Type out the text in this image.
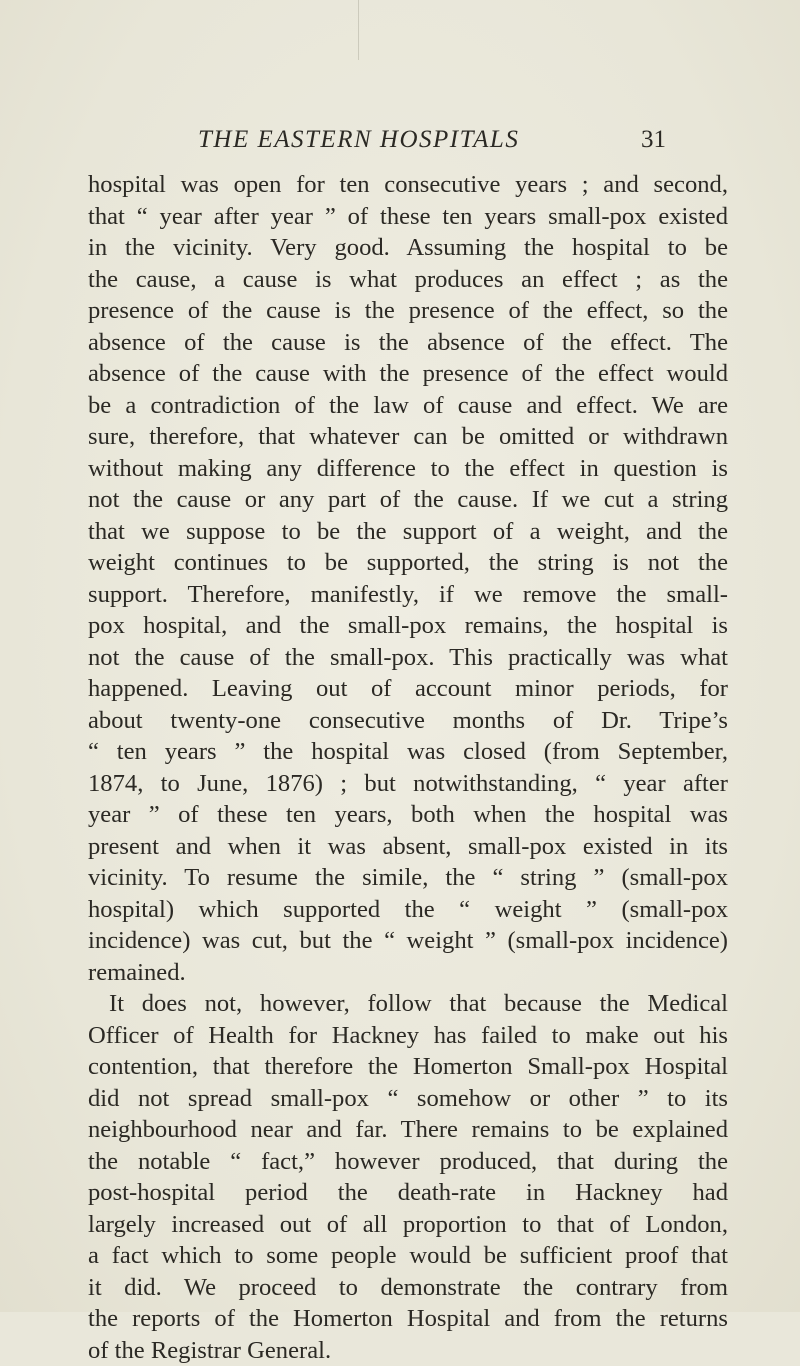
THE EASTERN HOSPITALS	31
hospital was open for ten consecutive years ; and second,
that “ year after year ” of these ten years small-pox existed
in the vicinity. Very good. Assuming the hospital to be
the cause, a cause is what produces an effect ; as the
presence of the cause is the presence of the effect, so the
absence of the cause is the absence of the effect. The
absence of the cause with the presence of the effect would
be a contradiction of the law of cause and effect. We are
sure, therefore, that whatever can be omitted or withdrawn
without making any difference to the effect in question is
not the cause or any part of the cause. If we cut a string
that we suppose to be the support of a weight, and the
weight continues to be supported, the string is not the
support. Therefore, manifestly, if we remove the small-
pox hospital, and the small-pox remains, the hospital is
not the cause of the small-pox. This practically was what
happened. Leaving out of account minor periods, for
about twenty-one consecutive months of Dr. Tripe’s
“ ten years ” the hospital was closed (from September,
1874, to June, 1876) ; but notwithstanding, “ year after
year ” of these ten years, both when the hospital was
present and when it was absent, small-pox existed in its
vicinity. To resume the simile, the “ string ” (small-pox
hospital) which supported the “ weight ” (small-pox
incidence) was cut, but the “ weight ” (small-pox incidence)
remained.
It does not, however, follow that because the Medical
Officer of Health for Hackney has failed to make out his
contention, that therefore the Homerton Small-pox Hospital
did not spread small-pox “ somehow or other ” to its
neighbourhood near and far. There remains to be explained
the notable “ fact,” however produced, that during the
post-hospital period the death-rate in Hackney had
largely increased out of all proportion to that of London,
a fact which to some people would be sufficient proof that
it did. We proceed to demonstrate the contrary from
the reports of the Homerton Hospital and from the returns
of the Registrar General.
